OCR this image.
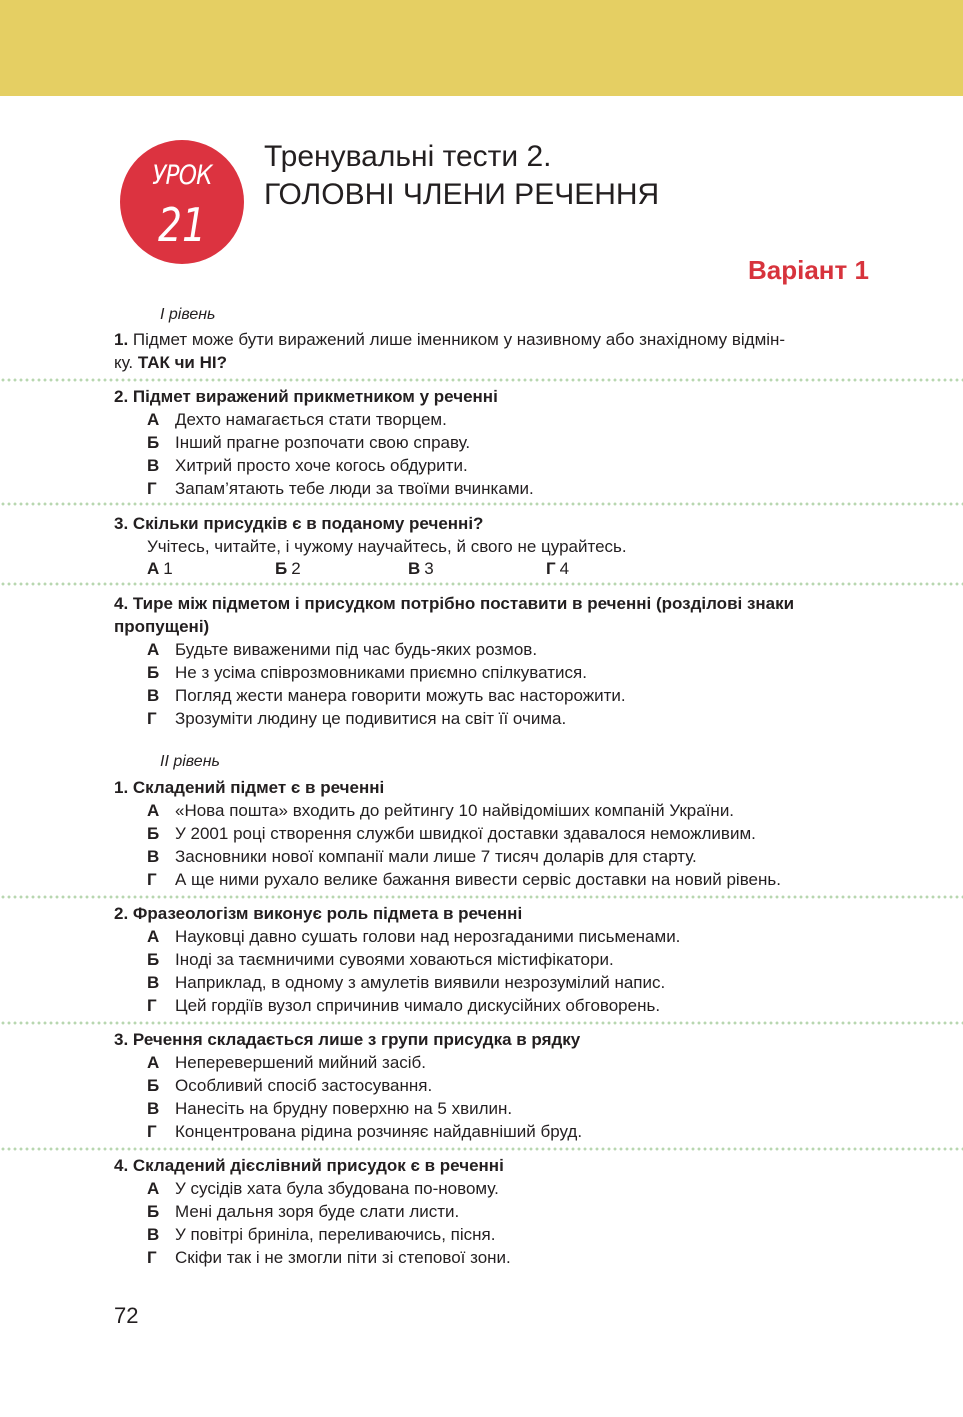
УРОК
21
Тренувальні тести 2.
ГОЛОВНІ ЧЛЕНИ РЕЧЕННЯ
Варіант 1
І рівень
1. Підмет може бути виражений лише іменником у називному або знахідному відмін-
ку. ТАК чи НІ?
2. Підмет виражений прикметником у реченні
А Дехто намагається стати творцем.
Б Інший прагне розпочати свою справу.
В Хитрий просто хоче когось обдурити.
Г Запам’ятають тебе люди за твоїми вчинками.
3. Скільки присудків є в поданому реченні?
Учітесь, читайте, і чужому научайтесь, й свого не цурайтесь.
А 1	Б 2	В 3	Г 4
4. Тире між підметом і присудком потрібно поставити в реченні (розділові знаки
пропущені)
А Будьте виваженими під час будь-яких розмов.
Б Не з усіма співрозмовниками приємно спілкуватися.
В Погляд жести манера говорити можуть вас насторожити.
Г Зрозуміти людину це подивитися на світ її очима.
ІІ рівень
1. Складений підмет є в реченні
А «Нова пошта» входить до рейтингу 10 найвідоміших компаній України.
Б У 2001 році створення служби швидкої доставки здавалося неможливим.
В Засновники нової компанії мали лише 7 тисяч доларів для старту.
Г А ще ними рухало велике бажання вивести сервіс доставки на новий рівень.
2. Фразеологізм виконує роль підмета в реченні
А Науковці давно сушать голови над нерозгаданими письменами.
Б Іноді за таємничими сувоями ховаються містифікатори.
В Наприклад, в одному з амулетів виявили незрозумілий напис.
Г Цей гордіїв вузол спричинив чимало дискусійних обговорень.
3. Речення складається лише з групи присудка в рядку
А Неперевершений мийний засіб.
Б Особливий спосіб застосування.
В Нанесіть на брудну поверхню на 5 хвилин.
Г Концентрована рідина розчиняє найдавніший бруд.
4. Складений дієслівний присудок є в реченні
А У сусідів хата була збудована по-новому.
Б Мені дальня зоря буде слати листи.
В У повітрі бриніла, переливаючись, пісня.
Г Скіфи так і не змогли піти зі степової зони.
72
